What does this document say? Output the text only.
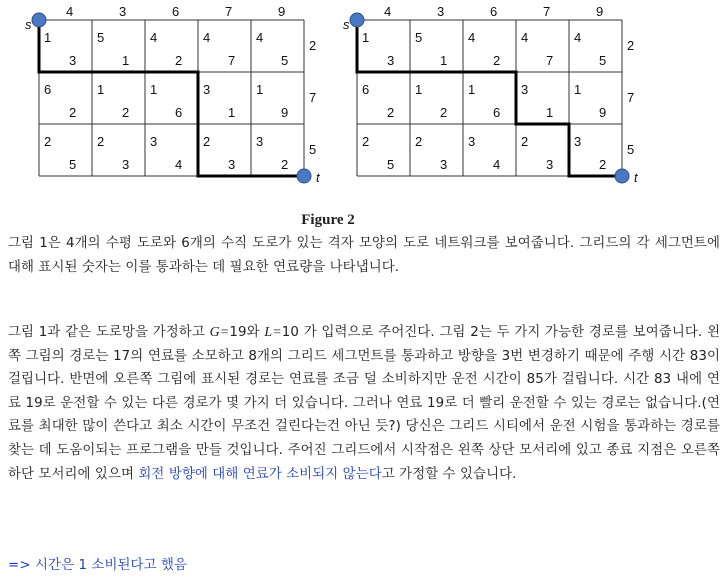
4	3	6	7	9
2
7
5
1
3
5
1
4
2
4
7
4
5
6
2
1
2
1
6
3
1
1
9
2
5
2
3
3
4
2
3
3
2
s
t
4	3	6	7	9
2
7
5
1
3
5
1
4
2
4
7
4
5
6
2
1
2
1
6
3
1
1
9
2
5
2
3
3
4
2
3
3
2
s
t
Figure 2

그림 1은 4개의 수평 도로와 6개의 수직 도로가 있는 격자 모양의 도로 네트워크를 보여줍니다. 그리드의 각 세그먼트에 대해 표시된 숫자는 이를 통과하는 데 필요한 연료량을 나타냅니다.

그림 1과 같은 도로망을 가정하고 G=19와 L=10 가 입력으로 주어진다. 그림 2는 두 가지 가능한 경로를 보여줍니다. 왼쪽 그림의 경로는 17의 연료를 소모하고 8개의 그리드 세그먼트를 통과하고 방향을 3번 변경하기 때문에 주행 시간 83이 걸립니다. 반면에 오른쪽 그림에 표시된 경로는 연료를 조금 덜 소비하지만 운전 시간이 85가 걸립니다. 시간 83 내에 연료 19로 운전할 수 있는 다른 경로가 몇 가지 더 있습니다. 그러나 연료 19로 더 빨리 운전할 수 있는 경로는 없습니다.(연료를 최대한 많이 쓴다고 최소 시간이 무조건 걸린다는건 아닌 듯?) 당신은 그리드 시티에서 운전 시험을 통과하는 경로를 찾는 데 도움이되는 프로그램을 만들 것입니다. 주어진 그리드에서 시작점은 왼쪽 상단 모서리에 있고 종료 지점은 오른쪽 하단 모서리에 있으며 회전 방향에 대해 연료가 소비되지 않는다고 가정할 수 있습니다.

=> 시간은 1 소비된다고 했음
